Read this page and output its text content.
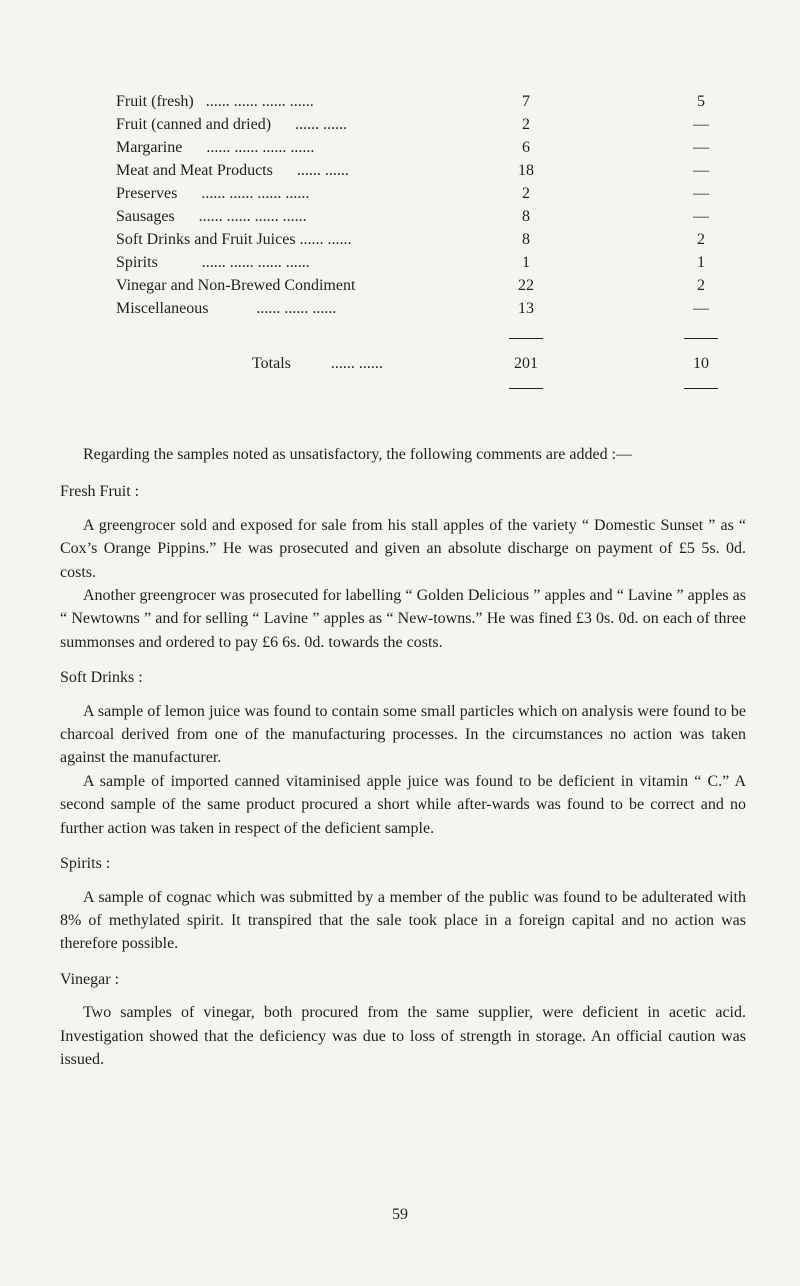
Fruit (fresh) ...... ...... ...... ......	7	5
Fruit (canned and dried) ...... ......	2	—
Margarine ...... ...... ...... ......	6	—
Meat and Meat Products ...... ......	18	—
Preserves ...... ...... ...... ......	2	—
Sausages ...... ...... ...... ......	8	—
Soft Drinks and Fruit Juices ...... ......	8	2
Spirits	...... ...... ...... ......	1	1
Vinegar and Non-Brewed Condiment	22	2
Miscellaneous	...... ...... ......	13	—
Totals	...... ......	201	10

Regarding the samples noted as unsatisfactory, the following comments are added :—

Fresh Fruit :

A greengrocer sold and exposed for sale from his stall apples of the variety “ Domestic Sunset ” as “ Cox’s Orange Pippins.” He was prosecuted and given an absolute discharge on payment of £5 5s. 0d. costs.

Another greengrocer was prosecuted for labelling “ Golden Delicious ” apples and “ Lavine ” apples as “ Newtowns ” and for selling “ Lavine ” apples as “ New-towns.” He was fined £3 0s. 0d. on each of three summonses and ordered to pay £6 6s. 0d. towards the costs.

Soft Drinks :

A sample of lemon juice was found to contain some small particles which on analysis were found to be charcoal derived from one of the manufacturing processes. In the circumstances no action was taken against the manufacturer.

A sample of imported canned vitaminised apple juice was found to be deficient in vitamin “ C.” A second sample of the same product procured a short while after-wards was found to be correct and no further action was taken in respect of the deficient sample.

Spirits :

A sample of cognac which was submitted by a member of the public was found to be adulterated with 8% of methylated spirit. It transpired that the sale took place in a foreign capital and no action was therefore possible.

Vinegar :

Two samples of vinegar, both procured from the same supplier, were deficient in acetic acid. Investigation showed that the deficiency was due to loss of strength in storage. An official caution was issued.

59
